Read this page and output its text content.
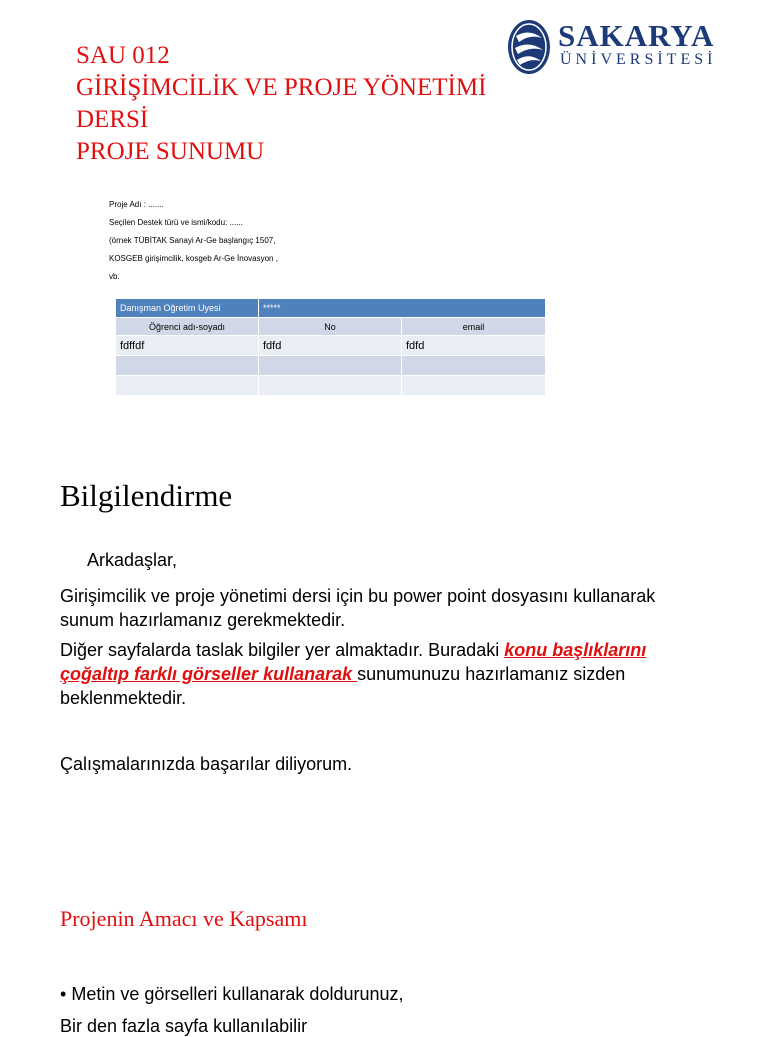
SAU 012
GİRİŞİMCİLİK VE PROJE YÖNETİMİ
DERSİ
PROJE SUNUMU
SAKARYA
ÜNİVERSİTESİ
Proje Adı : .......
Seçilen Destek türü ve ismi/kodu: ......
(örnek TÜBİTAK Sanayi Ar-Ge başlangıç 1507,
KOSGEB girişimcilik, kosgeb Ar-Ge İnovasyon ,
vb.
Danışman Oğretim Uyesi	*****	
Öğrenci adı-soyadı	No	email
fdffdf	fdfd	fdfd

Bilgilendirme

Arkadaşlar,

Girişimcilik ve proje yönetimi dersi için bu power point dosyasını kullanarak sunum hazırlamanız gerekmektedir.

Diğer sayfalarda taslak bilgiler yer almaktadır. Buradaki konu başlıklarını çoğaltıp farklı görseller kullanarak sunumunuzu hazırlamanız sizden beklenmektedir.

Çalışmalarınızda başarılar diliyorum.

Projenin Amacı ve Kapsamı
• Metin ve görselleri kullanarak doldurunuz,
Bir den fazla sayfa kullanılabilir
